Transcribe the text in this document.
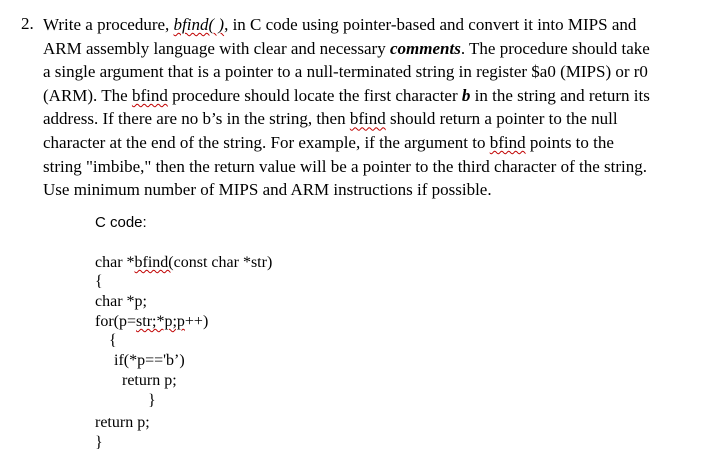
2. Write a procedure, bfind( ), in C code using pointer-based and convert it into MIPS and
ARM assembly language with clear and necessary comments. The procedure should take
a single argument that is a pointer to a null-terminated string in register $a0 (MIPS) or r0
(ARM). The bfind procedure should locate the first character b in the string and return its
address. If there are no b’s in the string, then bfind should return a pointer to the null
character at the end of the string. For example, if the argument to bfind points to the
string "imbibe," then the return value will be a pointer to the third character of the string.
Use minimum number of MIPS and ARM instructions if possible.

C code:

char *bfind(const char *str)

{

char *p;

for(p=str;*p;p++)

{

if(*p=='b’)

return p;

}

return p;

}
